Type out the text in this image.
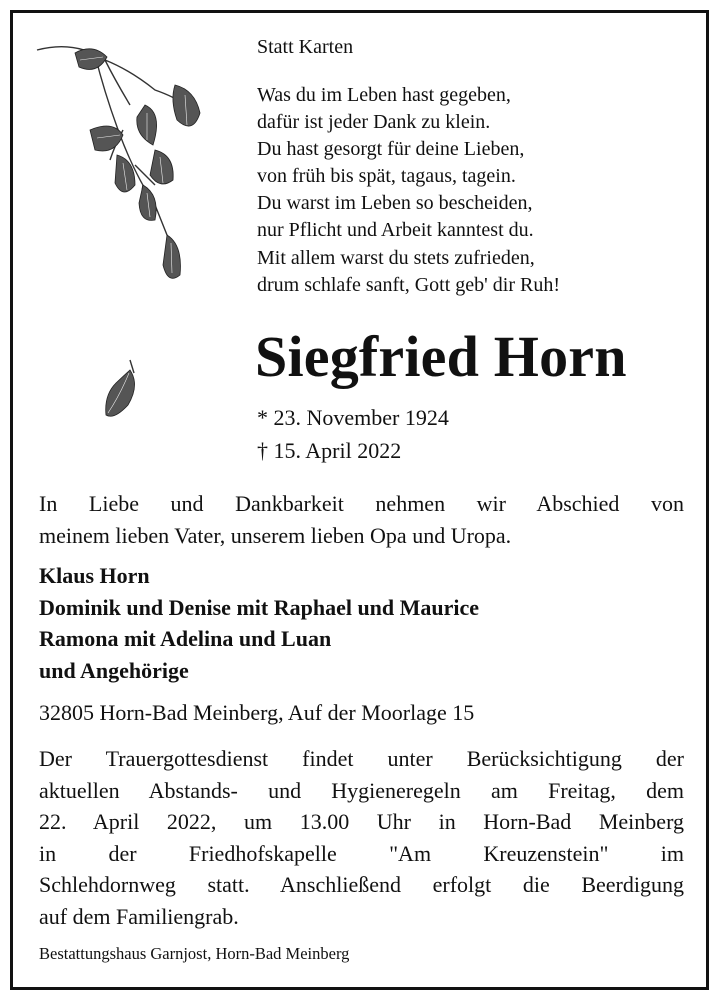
Statt Karten
Was du im Leben hast gegeben,
dafür ist jeder Dank zu klein.
Du hast gesorgt für deine Lieben,
von früh bis spät, tagaus, tagein.
Du warst im Leben so bescheiden,
nur Pflicht und Arbeit kanntest du.
Mit allem warst du stets zufrieden,
drum schlafe sanft, Gott geb' dir Ruh!
Siegfried Horn
* 23. November 1924
† 15. April 2022
In Liebe und Dankbarkeit nehmen wir Abschied von
meinem lieben Vater, unserem lieben Opa und Uropa.
Klaus Horn
Dominik und Denise mit Raphael und Maurice
Ramona mit Adelina und Luan
und Angehörige
32805 Horn-Bad Meinberg, Auf der Moorlage 15
Der Trauergottesdienst findet unter Berücksichtigung der
aktuellen Abstands- und Hygieneregeln am Freitag, dem
22. April 2022, um 13.00 Uhr in Horn-Bad Meinberg
in der Friedhofskapelle "Am Kreuzenstein" im
Schlehdornweg statt. Anschließend erfolgt die Beerdigung
auf dem Familiengrab.
Bestattungshaus Garnjost, Horn-Bad Meinberg
